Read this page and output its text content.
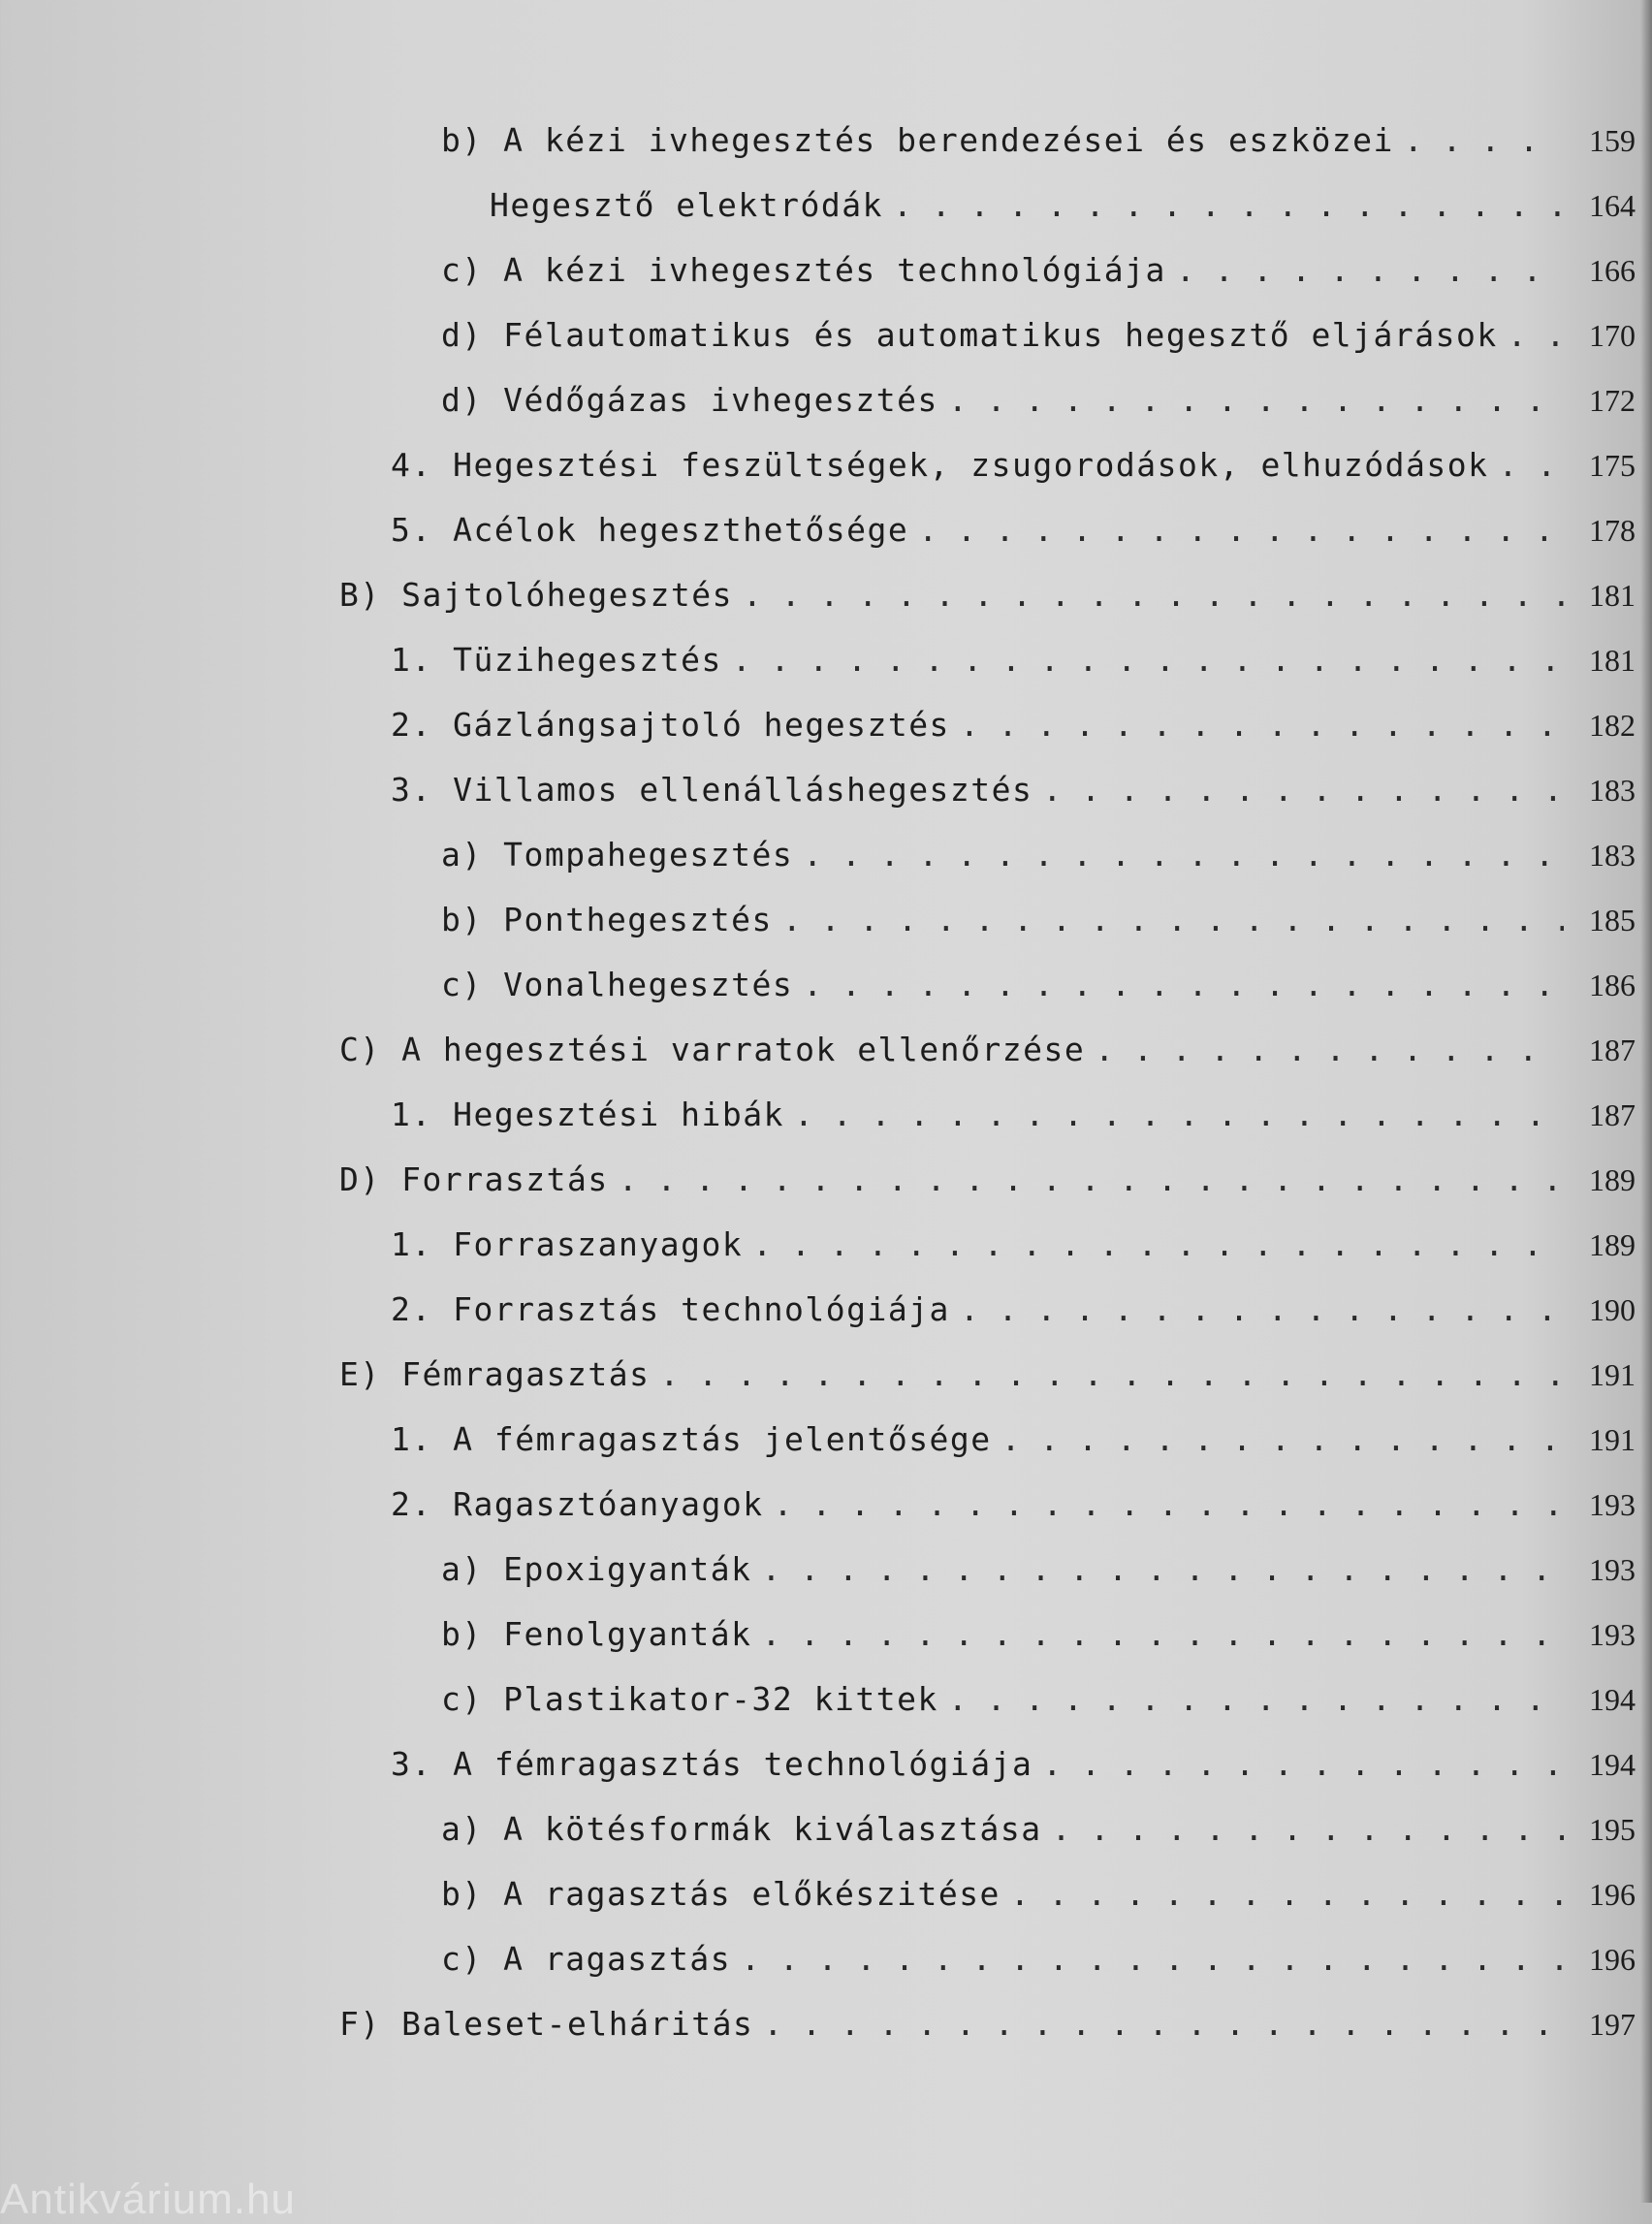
b) A kézi ivhegesztés berendezései és eszközei . . .	159
Hegesztő elektródák . . .	164
c) A kézi ivhegesztés technológiája . . .	166
d) Félautomatikus és automatikus hegesztő eljárások . . .	170
d) Védőgázas ivhegesztés . . .	172
4. Hegesztési feszültségek, zsugorodások, elhuzódások . . .	175
5. Acélok hegeszthetősége . . .	178
B) Sajtolóhegesztés . . .	181
1. Tüzihegesztés . . .	181
2. Gázlángsajtoló hegesztés . . .	182
3. Villamos ellenálláshegesztés . . .	183
a) Tompahegesztés . . .	183
b) Ponthegesztés . . .	185
c) Vonalhegesztés . . .	186
C) A hegesztési varratok ellenőrzése . . .	187
1. Hegesztési hibák . . .	187
D) Forrasztás . . .	189
1. Forraszanyagok . . .	189
2. Forrasztás technológiája . . .	190
E) Fémragasztás . . .	191
1. A fémragasztás jelentősége . . .	191
2. Ragasztóanyagok . . .	193
a) Epoxigyanták . . .	193
b) Fenolgyanták . . .	193
c) Plastikator-32 kittek . . .	194
3. A fémragasztás technológiája . . .	194
a) A kötésformák kiválasztása . . .	195
b) A ragasztás előkészitése . . .	196
c) A ragasztás . . .	196
F) Baleset-elháritás . . .	197
Antikvárium.hu
